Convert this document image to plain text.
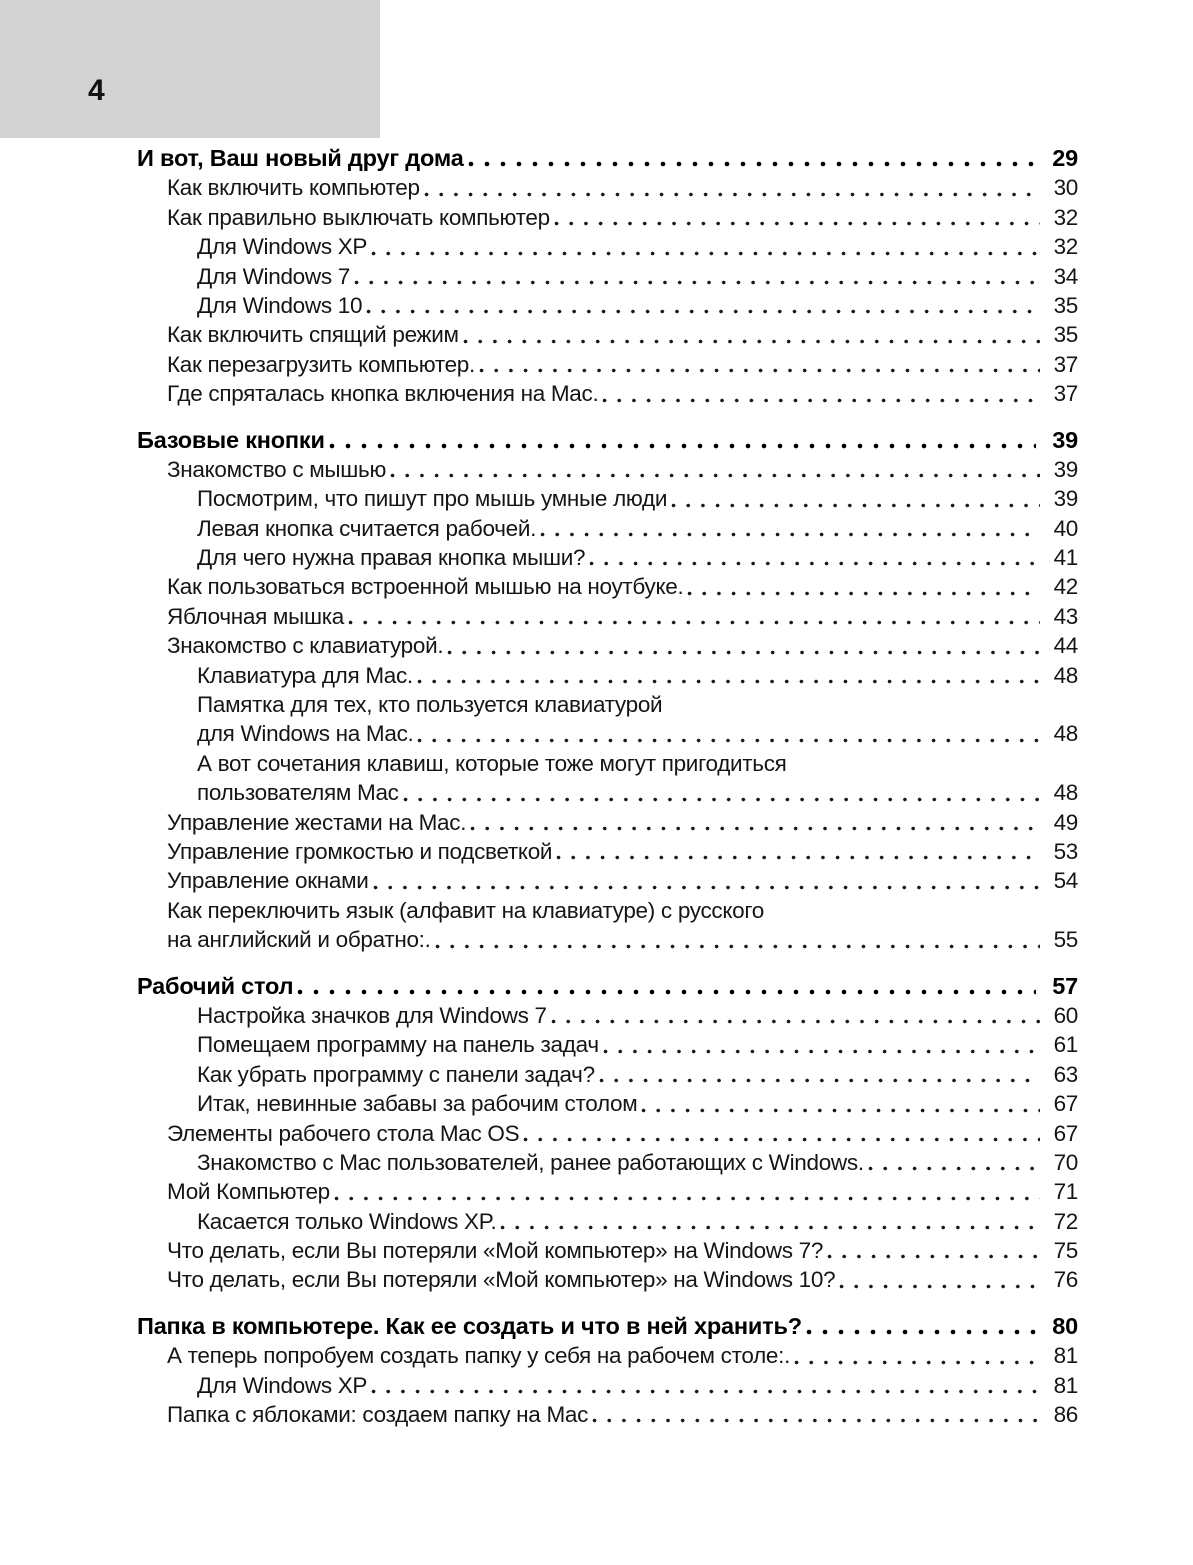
4
И вот, Ваш новый друг дома	29
Как включить компьютер	30
Как правильно выключать компьютер	32
Для Windows XP	32
Для Windows 7	34
Для Windows 10	35
Как включить спящий режим	35
Как перезагрузить компьютер.	37
Где спряталась кнопка включения на Mac.	37
Базовые кнопки	39
Знакомство с мышью	39
Посмотрим, что пишут про мышь умные люди	39
Левая кнопка считается рабочей.	40
Для чего нужна правая кнопка мыши?	41
Как пользоваться встроенной мышью на ноутбуке.	42
Яблочная мышка	43
Знакомство с клавиатурой.	44
Клавиатура для Mac.	48
Памятка для тех, кто пользуется клавиатурой
для Windows на Mac.	48
А вот сочетания клавиш, которые тоже могут пригодиться
пользователям Mac	48
Управление жестами на Mac.	49
Управление громкостью и подсветкой	53
Управление окнами	54
Как переключить язык (алфавит на клавиатуре) с русского
на английский и обратно:.	55
Рабочий стол	57
Настройка значков для Windows 7	60
Помещаем программу на панель задач	61
Как убрать программу с панели задач?	63
Итак, невинные забавы за рабочим столом	67
Элементы рабочего стола Mac OS	67
Знакомство с Mac пользователей, ранее работающих с Windows.	70
Мой Компьютер	71
Касается только Windows XP.	72
Что делать, если Вы потеряли «Мой компьютер» на Windows 7?	75
Что делать, если Вы потеряли «Мой компьютер» на Windows 10?	76
Папка в компьютере. Как ее создать и что в ней хранить?	80
А теперь попробуем создать папку у себя на рабочем столе:.	81
Для Windows XP	81
Папка с яблоками: создаем папку на Mac	86
